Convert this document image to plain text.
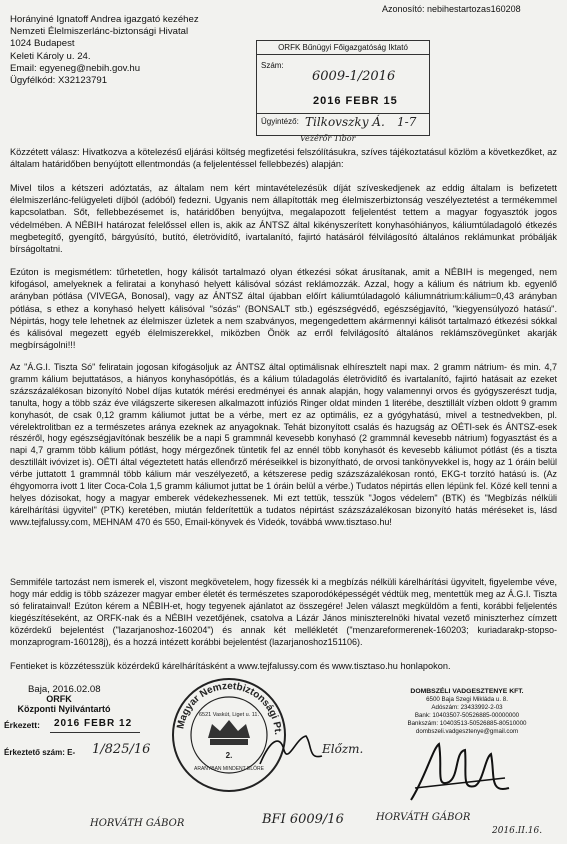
Azonosító: nebihestartozas160208
Horányiné Ignatoff Andrea igazgató kezéhez
Nemzeti Élelmiszerlánc-biztonsági Hivatal
1024 Budapest
Keleti Károly u. 24.
Email: egyeneg@nebih.gov.hu
Ügyfélkód: X32123791
ORFK Bűnügyi Főigazgatóság Iktató
Szám:
6009-1/2016
2016 FEBR 15
Ügyintéző: Tilkovszky Á. 1-7
Vezérőr Tibor
Közzétett válasz: Hivatkozva a kötelezésű eljárási költség megfizetési felszólításukra, szíves tájékoztatásul közlöm a következőket, az általam határidőben benyújtott ellentmondás (a feljelentéssel fellebbezés) alapján:
Mivel tilos a kétszeri adóztatás, az általam nem kért mintavételezésük díját szíveskedjenek az eddig általam is befizetett élelmiszerlánc-felügyeleti díjból (adóból) fedezni. Ugyanis nem állapították meg élelmiszerbiztonság veszélyeztetést a termékemmel kapcsolatban. Sőt, fellebbezésemet is, határidőben benyújtva, megalapozott feljelentést tettem a magyar fogyasztók jogos védelmében. A NÉBIH határozat felelőssel ellen is, akik az ÁNTSZ által kikényszerített konyhasóhiányos, káliumtúladagoló étkezés megbetegítő, gyengítő, bárgyúsító, butító, életrövidítő, ivartalanító, fajirtó hatásáról félvilágosító általános reklámunkat próbálják bírságoltatni.
Ezúton is megismétlem: tűrhetetlen, hogy kálisót tartalmazó olyan étkezési sókat árusítanak, amit a NÉBIH is megenged, nem kifogásol, amelyeknek a feliratai a konyhasó helyett kálisóval sózást reklámozzák. Azzal, hogy a kálium és nátrium kb. egyenlő arányban pótlása (VIVEGA, Bonosal), vagy az ÁNTSZ által újabban előírt káliumtúladagoló káliumnátrium:kálium=0,43 arányban pótlása, s ethez a konyhasó helyett kálisóval "sózás" (BONSALT stb.) egészségvédő, egészségjavító, "kiegyensúlyozó hatású". Népirtás, hogy tele lehetnek az élelmiszer üzletek a nem szabványos, megengedettem akármennyi kálisót tartalmazó étkezési sókkal és kálisóval megezett egyéb élelmiszerekkel, miközben Önök az erről felvilágosító általános reklámszövegünket akarják megbírságolni!!!
Az "Á.G.I. Tiszta Só" feliratain jogosan kifogásoljuk az ÁNTSZ által optimálisnak elhíresztelt napi max. 2 gramm nátrium- és min. 4,7 gramm kálium bejuttatásos, a hiányos konyhasópótlás, és a kálium túladagolás életrövidítő és ivartalanító, fajirtó hatásait az ezeket százszázalékosan bizonyító Nobel díjas kutatók mérési eredményei és annak alapján, hogy valamennyi orvos és gyógyszerészt tudja, tanulta, hogy a több száz éve világszerte sikeresen alkalmazott infúziós Ringer oldat minden 1 literébe, desztillált vízben oldott 9 gramm konyhasót, de csak 0,12 gramm káliumot juttat be a vérbe, mert ez az optimális, ez a gyógyhatású, mivel a testnedvekben, pl. vérelektrolitban ez a természetes aránya ezeknek az anyagoknak. Tehát bizonyított csalás és hazugság az OÉTI-sek és ÁNTSZ-esek részéről, hogy egészségjavítónak beszélik be a napi 5 grammnál kevesebb konyhasó (2 grammnál kevesebb nátrium) fogyasztást és a napi 4,7 gramm több kálium pótlást, hogy mérgezőnek tüntetik fel az ennél több konyhasót és kevesebb káliumot pótlást (és a tiszta desztillált ivóvizet is). OÉTI által végeztetett hatás ellenőrző méréseikkel is bizonyítható, de orvosi tankönyvekkel is, hogy az 1 óráin belül vérbe juttatott 1 grammnál több kálium már veszélyezető, a kétszerese pedig százszázalékosan rontó, EKG-t torzító hatású is. (Az éhgyomorra ivott 1 liter Coca-Cola 1,5 gramm káliumot juttat be 1 óráin belül a vérbe.) Tudatos népirtás ellen lépünk fel. Közé kell tenni a helyes dózisokat, hogy a magyar emberek védekezhessenek. Mi ezt tettük, tesszük "Jogos védelem" (BTK) és "Megbízás nélküli kárelhárítási ügyvitel" (PTK) keretében, miután felderítettük a tudatos népirtást százszázalékosan bizonyító hatás méréseket is, lásd www.tejfalussy.com, MEHNAM 470 és 550, Email-könyvek és Videók, továbbá www.tisztaso.hu!
Semmiféle tartozást nem ismerek el, viszont megkövetelem, hogy fizessék ki a megbízás nélküli kárelhárítási ügyvitelt, figyelembe véve, hogy már eddig is több százezer magyar ember életét és természetes szaporodóképességét védtük meg, mentettük meg az Á.G.I. Tiszta só feliratainval! Ezúton kérem a NÉBIH-et, hogy tegyenek ajánlatot az összegére! Jelen választ megküldöm a fenti, korábbi feljelentés kiegészítéseként, az ORFK-nak és a NÉBIH vezetőjének, csatolva a Lázár János miniszterelnöki hivatal vezető miniszterhez címzett közérdekű bejelentést ("lazarjanoshoz-160204") és annak két mellékletét ("menzareformerenek-160203; kuriadarakp-stopso-monzaprogram-160128j), és a hozzá intézett korábbi bejelentést (lazarjanoshoz151106).
Fentieket is közzétesszük közérdekű kárelhárításként a www.tejfalussy.com és www.tisztaso.hu honlapokon.
Baja, 2016.02.08
ORFK
Központi Nyilvántartó
Érkezett: 2016 FEBR 12
Érkeztető szám: E- 1/825/16
Magyar Nemzetbiztonsági Pt.
6521 Vaskút, Liget u. 11.
2.
ARANYBAN MINDENT ELŐRE
DOMBSZÉLI VADGESZTENYE KFT.
6500 Baja Szegi Mikláda u. 8.
Adószám: 23433992-2-03
Bank: 10403507-50526885-00000000
Bankszám: 10403513-50526885-80510000
dombszeli.vadgesztenye@gmail.com
Előzm.
HORVÁTH GÁBOR	BFI 6009/16	HORVÁTH GÁBOR
2016.II.16.
